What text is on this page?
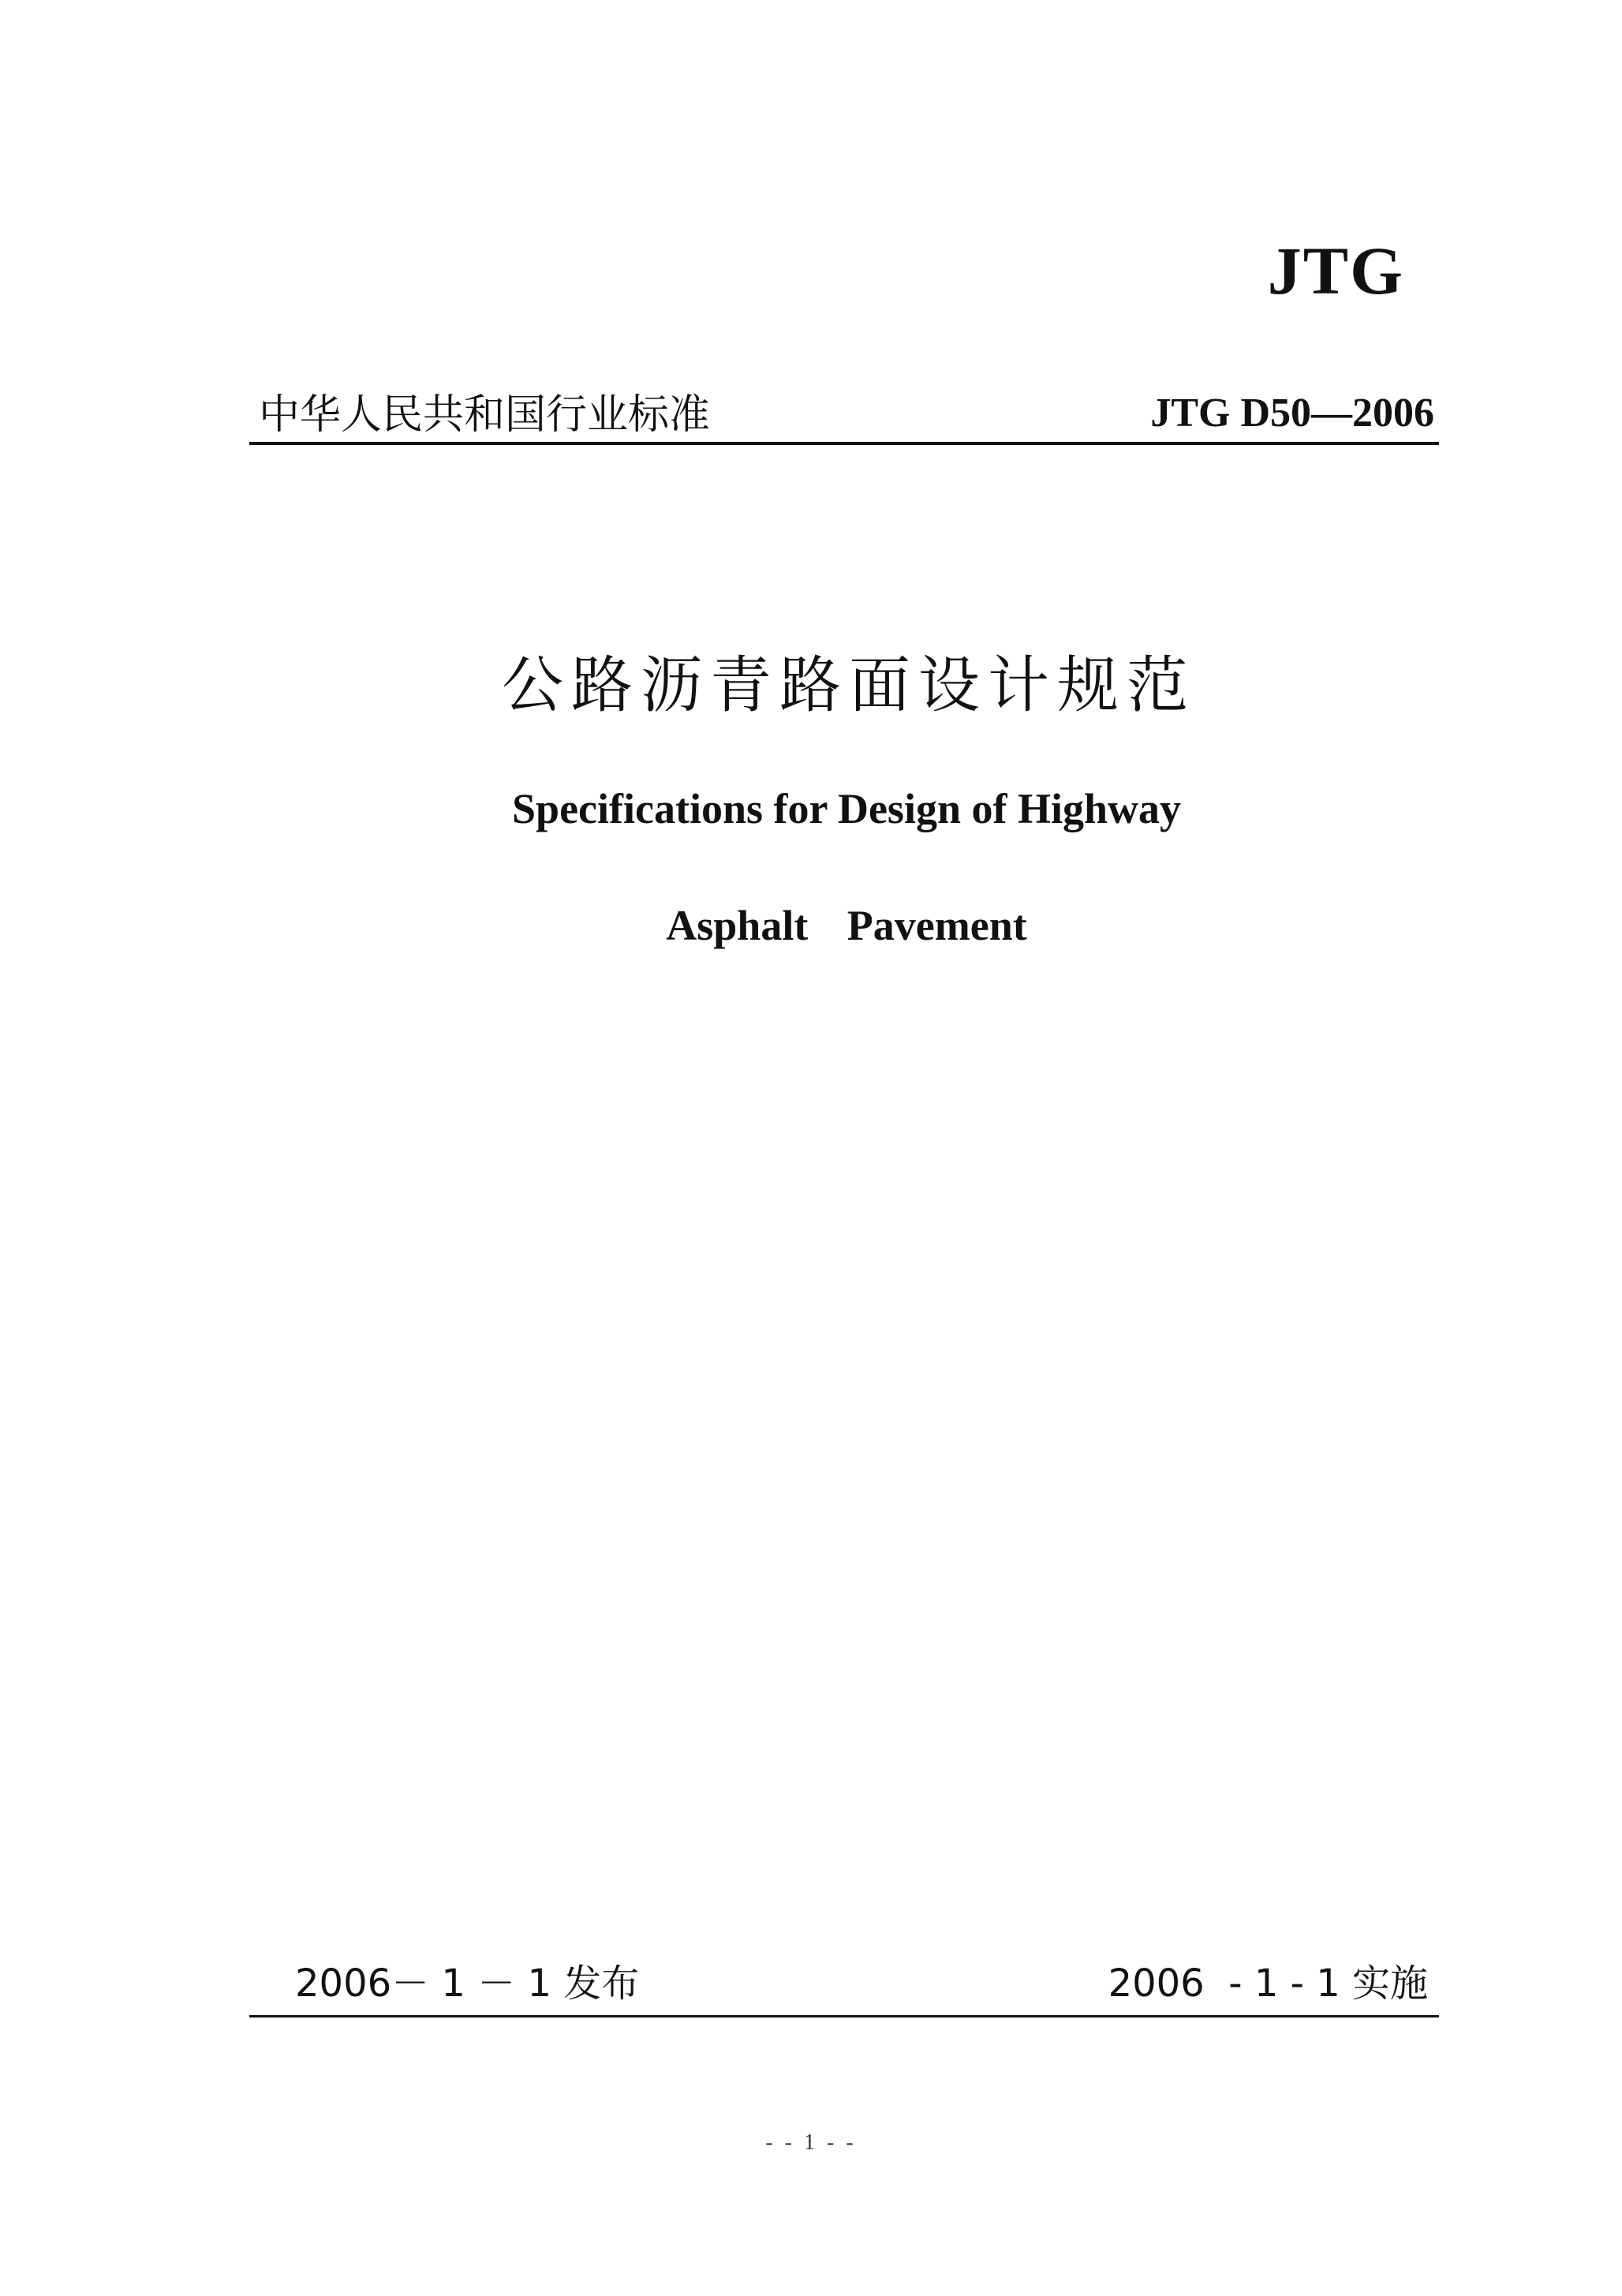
JTG
中华人民共和国行业标准	JTG D50—2006
公路沥青路面设计规范
Specifications for Design of Highway
Asphalt Pavement
2006－ 1 － 1 发布	2006  - 1 - 1 实施
- - 1 - -
